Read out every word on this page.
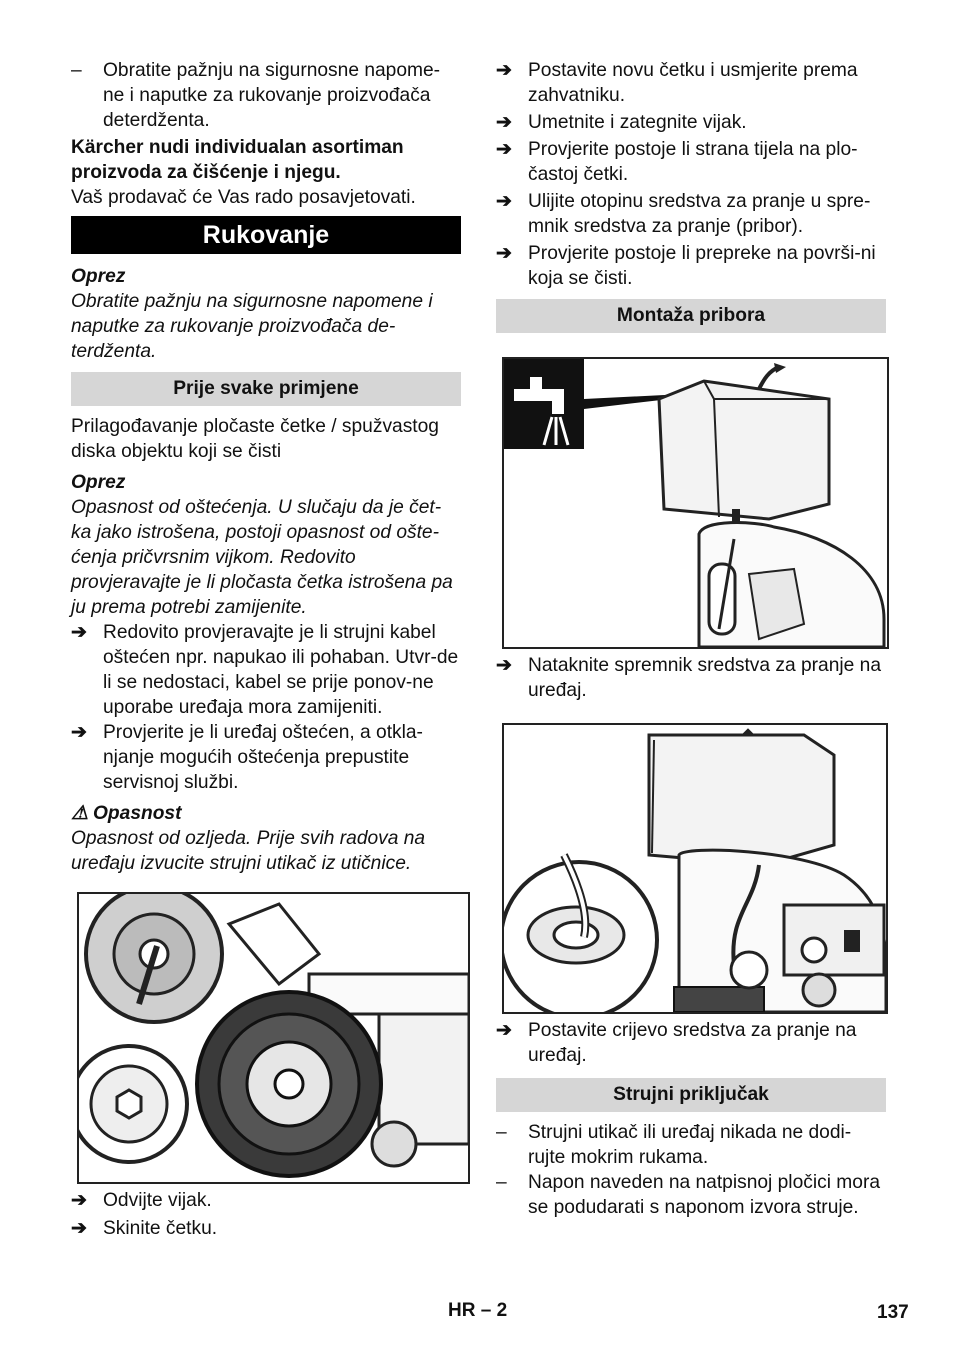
– Obratite pažnju na sigurnosne napome-ne i naputke za rukovanje proizvođača deterdženta.

Kärcher nudi individualan asortiman proizvoda za čišćenje i njegu.

Vaš prodavač će Vas rado posavjetovati.

Rukovanje

Oprez

Obratite pažnju na sigurnosne napomene i naputke za rukovanje proizvođača de-terdženta.

Prije svake primjene

Prilagođavanje pločaste četke / spužvastog diska objektu koji se čisti

Oprez

Opasnost od oštećenja. U slučaju da je čet-ka jako istrošena, postoji opasnost od ošte-ćenja pričvrsnim vijkom. Redovito provjeravajte je li pločasta četka istrošena pa ju prema potrebi zamijenite.

➔ Redovito provjeravajte je li strujni kabel oštećen npr. napukao ili pohaban. Utvr-de li se nedostaci, kabel se prije ponov-ne uporabe uređaja mora zamijeniti.
➔ Provjerite je li uređaj oštećen, a otkla-njanje mogućih oštećenja prepustite servisnoj službi.

⚠ Opasnost

Opasnost od ozljeda. Prije svih radova na uređaju izvucite strujni utikač iz utičnice.

➔ Odvijte vijak.
➔ Skinite četku.
➔ Postavite novu četku i usmjerite prema zahvatniku.
➔ Umetnite i zategnite vijak.
➔ Provjerite postoje li strana tijela na plo-častoj četki.
➔ Ulijite otopinu sredstva za pranje u spre-mnik sredstva za pranje (pribor).
➔ Provjerite postoje li prepreke na površi-ni koja se čisti.
Montaža pribora
➔ Nataknite spremnik sredstva za pranje na uređaj.
➔ Postavite crijevo sredstva za pranje na uređaj.
Strujni priključak

– Strujni utikač ili uređaj nikada ne dodi-rujte mokrim rukama.

– Napon naveden na natpisnoj pločici mora se podudarati s naponom izvora struje.

HR – 2	137
